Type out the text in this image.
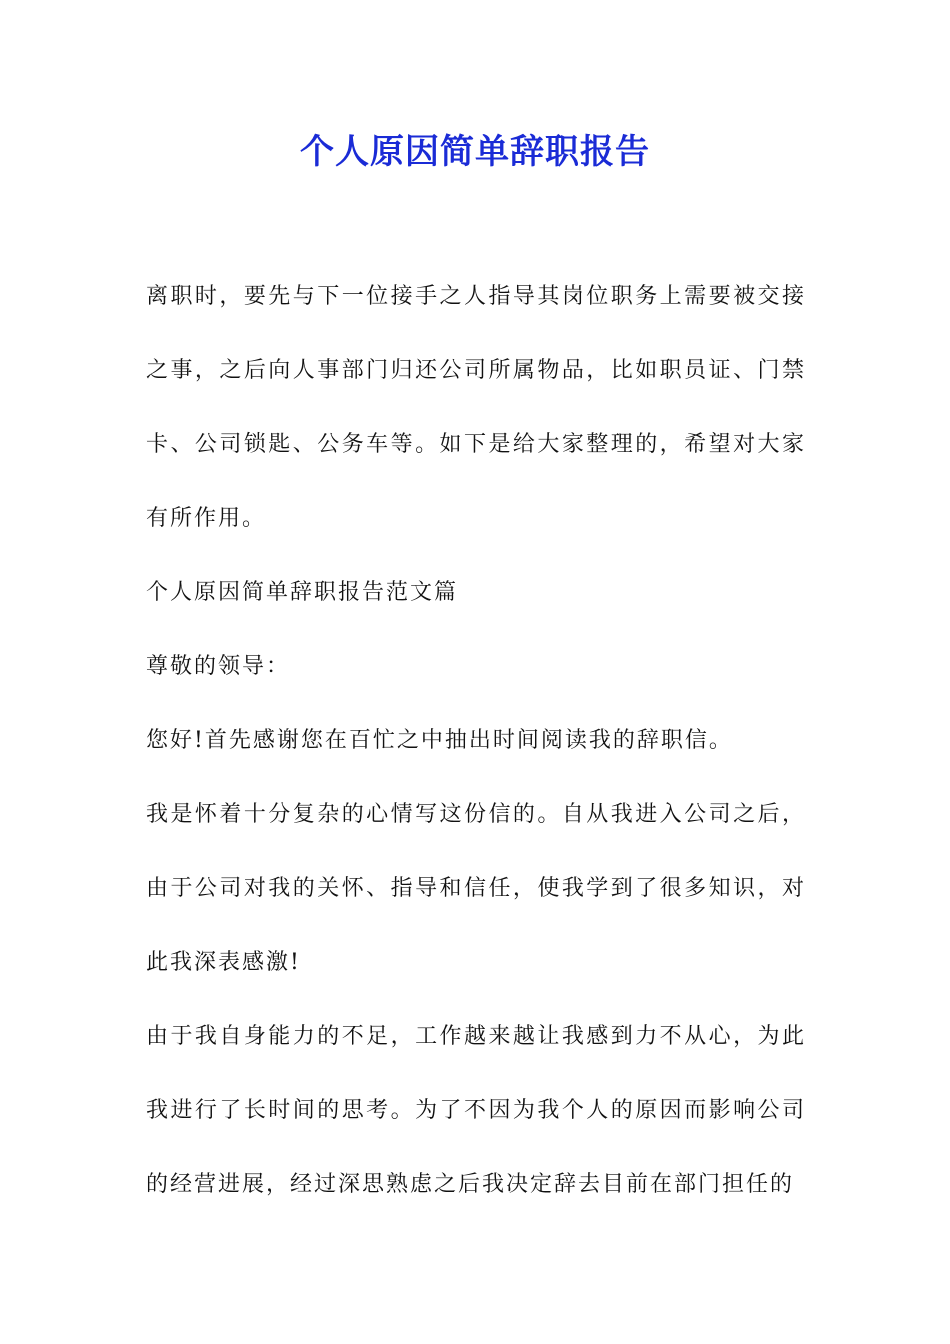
个人原因简单辞职报告

离职时，要先与下一位接手之人指导其岗位职务上需要被交接之事，之后向人事部门归还公司所属物品，比如职员证、门禁卡、公司锁匙、公务车等。如下是给大家整理的，希望对大家有所作用。

个人原因简单辞职报告范文篇

尊敬的领导：

您好!首先感谢您在百忙之中抽出时间阅读我的辞职信。

我是怀着十分复杂的心情写这份信的。自从我进入公司之后，由于公司对我的关怀、指导和信任，使我学到了很多知识，对此我深表感激!

由于我自身能力的不足，工作越来越让我感到力不从心，为此我进行了长时间的思考。为了不因为我个人的原因而影响公司的经营进展，经过深思熟虑之后我决定辞去目前在部门担任的
